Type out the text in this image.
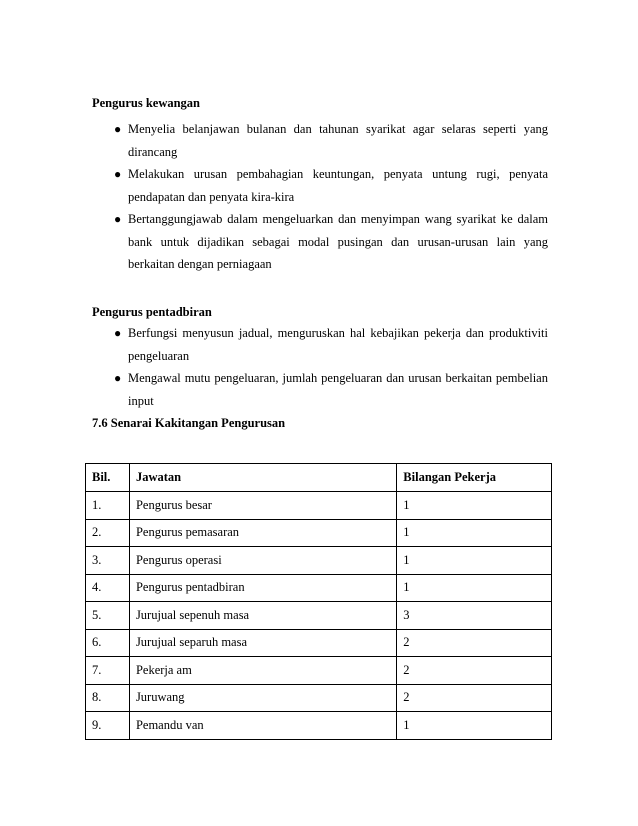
Pengurus kewangan
● Menyelia belanjawan bulanan dan tahunan syarikat agar selaras seperti yang dirancang
● Melakukan urusan pembahagian keuntungan, penyata untung rugi, penyata pendapatan dan penyata kira-kira
● Bertanggungjawab dalam mengeluarkan dan menyimpan wang syarikat ke dalam bank untuk dijadikan sebagai modal pusingan dan urusan-urusan lain yang berkaitan dengan perniagaan
Pengurus pentadbiran
● Berfungsi menyusun jadual, menguruskan hal kebajikan pekerja dan produktiviti pengeluaran
● Mengawal mutu pengeluaran, jumlah pengeluaran dan urusan berkaitan pembelian input
7.6 Senarai Kakitangan Pengurusan
Bil.	Jawatan	Bilangan Pekerja
1.	Pengurus besar	1
2.	Pengurus pemasaran	1
3.	Pengurus operasi	1
4.	Pengurus pentadbiran	1
5.	Jurujual sepenuh masa	3
6.	Jurujual separuh masa	2
7.	Pekerja am	2
8.	Juruwang	2
9.	Pemandu van	1
